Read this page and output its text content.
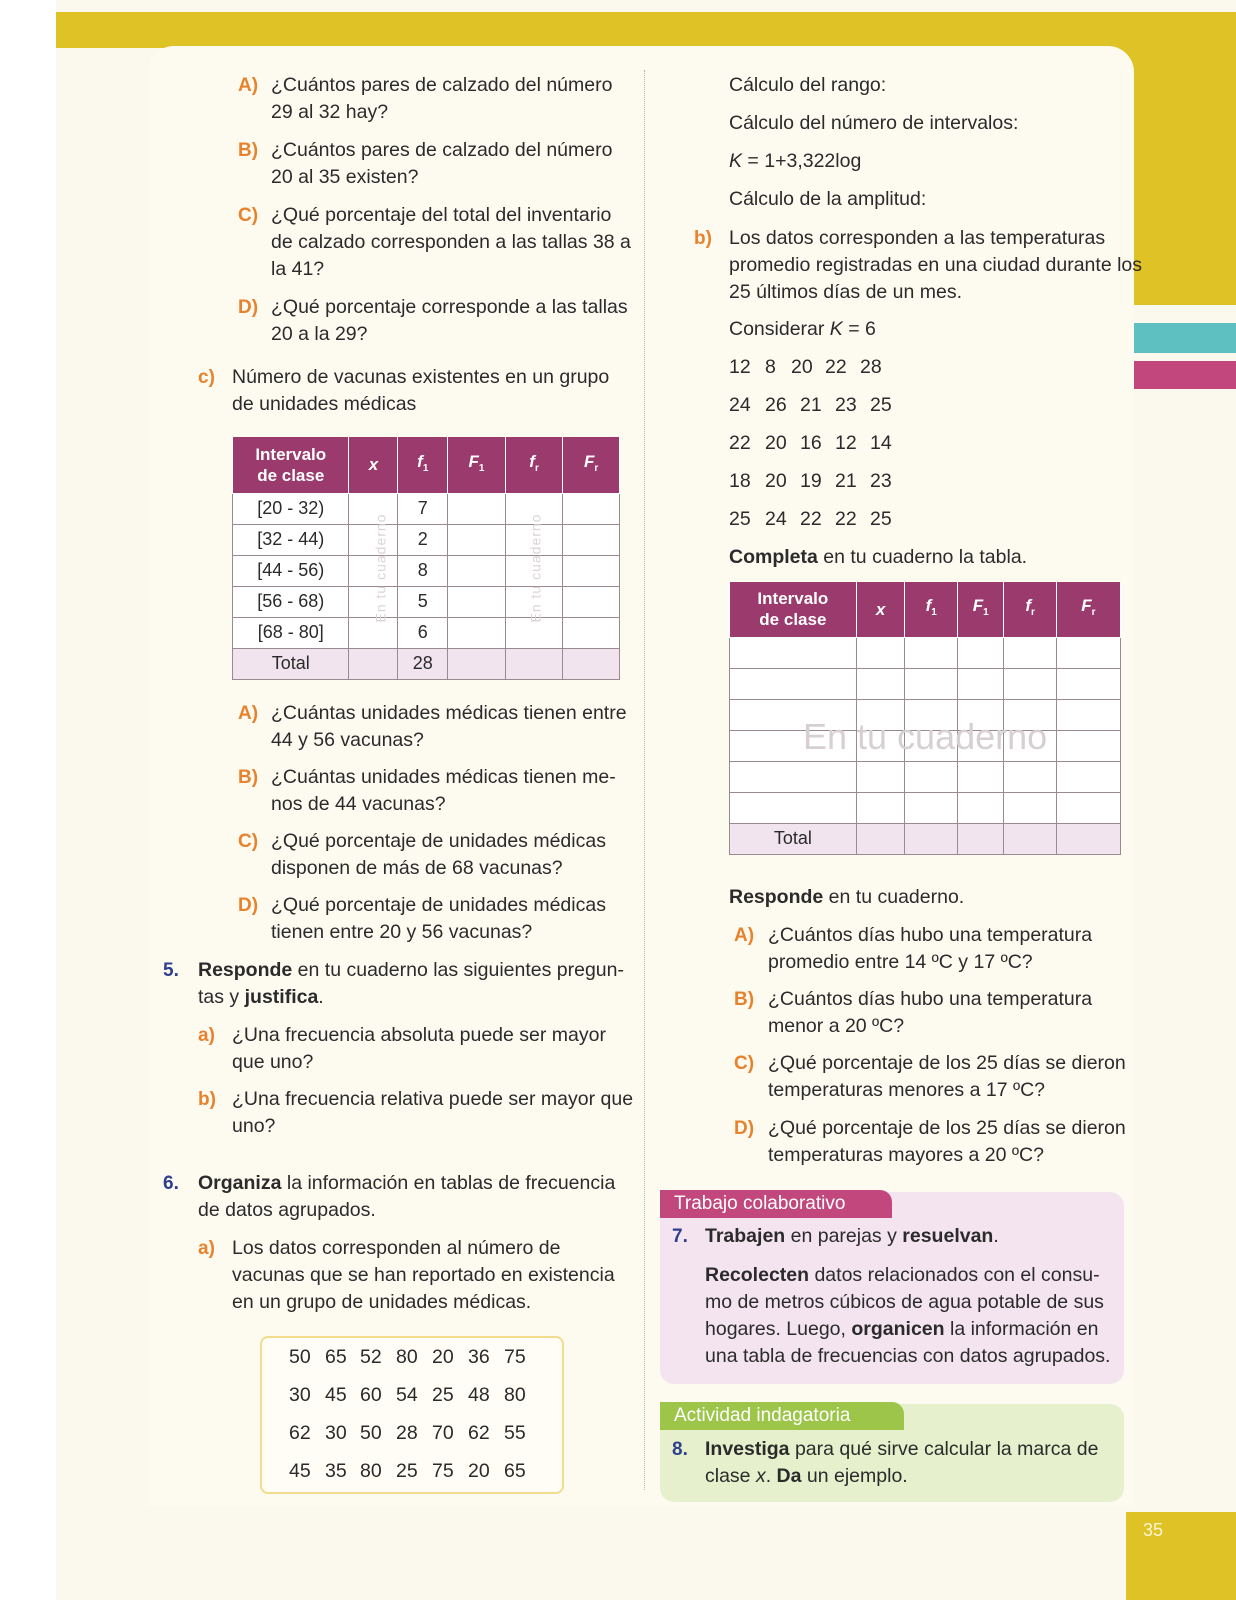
A) ¿Cuántos pares de calzado del número

29 al 32 hay?

B) ¿Cuántos pares de calzado del número

20 al 35 existen?

C) ¿Qué porcentaje del total del inventario

de calzado corresponden a las tallas 38 a

la 41?

D) ¿Qué porcentaje corresponde a las tallas

20 a la 29?

c) Número de vacunas existentes en un grupo

de unidades médicas

Intervalo
de clase	x	$f_1$	$F_1$	$f_r$	$F_r$
[20 - 32)		7			
[32 - 44)		2			
[44 - 56)		8			
[56 - 68)		5			
[68 - 80]		6			
Total		28			
En tu cuaderno	En tu cuaderno
A) ¿Cuántas unidades médicas tienen entre

44 y 56 vacunas?

B) ¿Cuántas unidades médicas tienen me-

nos de 44 vacunas?

C) ¿Qué porcentaje de unidades médicas

disponen de más de 68 vacunas?

D) ¿Qué porcentaje de unidades médicas

tienen entre 20 y 56 vacunas?

5. Responde en tu cuaderno las siguientes pregun-

tas y justifica.

a) ¿Una frecuencia absoluta puede ser mayor

que uno?

b) ¿Una frecuencia relativa puede ser mayor que

uno?

6. Organiza la información en tablas de frecuencia

de datos agrupados.

a) Los datos corresponden al número de

vacunas que se han reportado en existencia

en un grupo de unidades médicas.

50 65 52 80 20 36 75
30 45 60 54 25 48 80
62 30 50 28 70 62 55
45 35 80 25 75 20 65

Cálculo del rango:

Cálculo del número de intervalos:

K = 1+3,322log

Cálculo de la amplitud:

b) Los datos corresponden a las temperaturas

promedio registradas en una ciudad durante los

25 últimos días de un mes.

Considerar K = 6

12 8 20 22 28

24 26 21 23 25

22 20 16 12 14

18 20 19 21 23

25 24 22 22 25

Completa en tu cuaderno la tabla.

Intervalo
de clase	x	$f_1$	$F_1$	$f_r$	$F_r$

Total					
En tu cuaderno

Responde en tu cuaderno.

A) ¿Cuántos días hubo una temperatura

promedio entre 14 ºC y 17 ºC?

B) ¿Cuántos días hubo una temperatura

menor a 20 ºC?

C) ¿Qué porcentaje de los 25 días se dieron

temperaturas menores a 17 ºC?

D) ¿Qué porcentaje de los 25 días se dieron

temperaturas mayores a 20 ºC?

Trabajo colaborativo
7. Trabajen en parejas y resuelvan.

Recolecten datos relacionados con el consu-

mo de metros cúbicos de agua potable de sus

hogares. Luego, organicen la información en

una tabla de frecuencias con datos agrupados.

Actividad indagatoria
8. Investiga para qué sirve calcular la marca de

clase x. Da un ejemplo.

35
